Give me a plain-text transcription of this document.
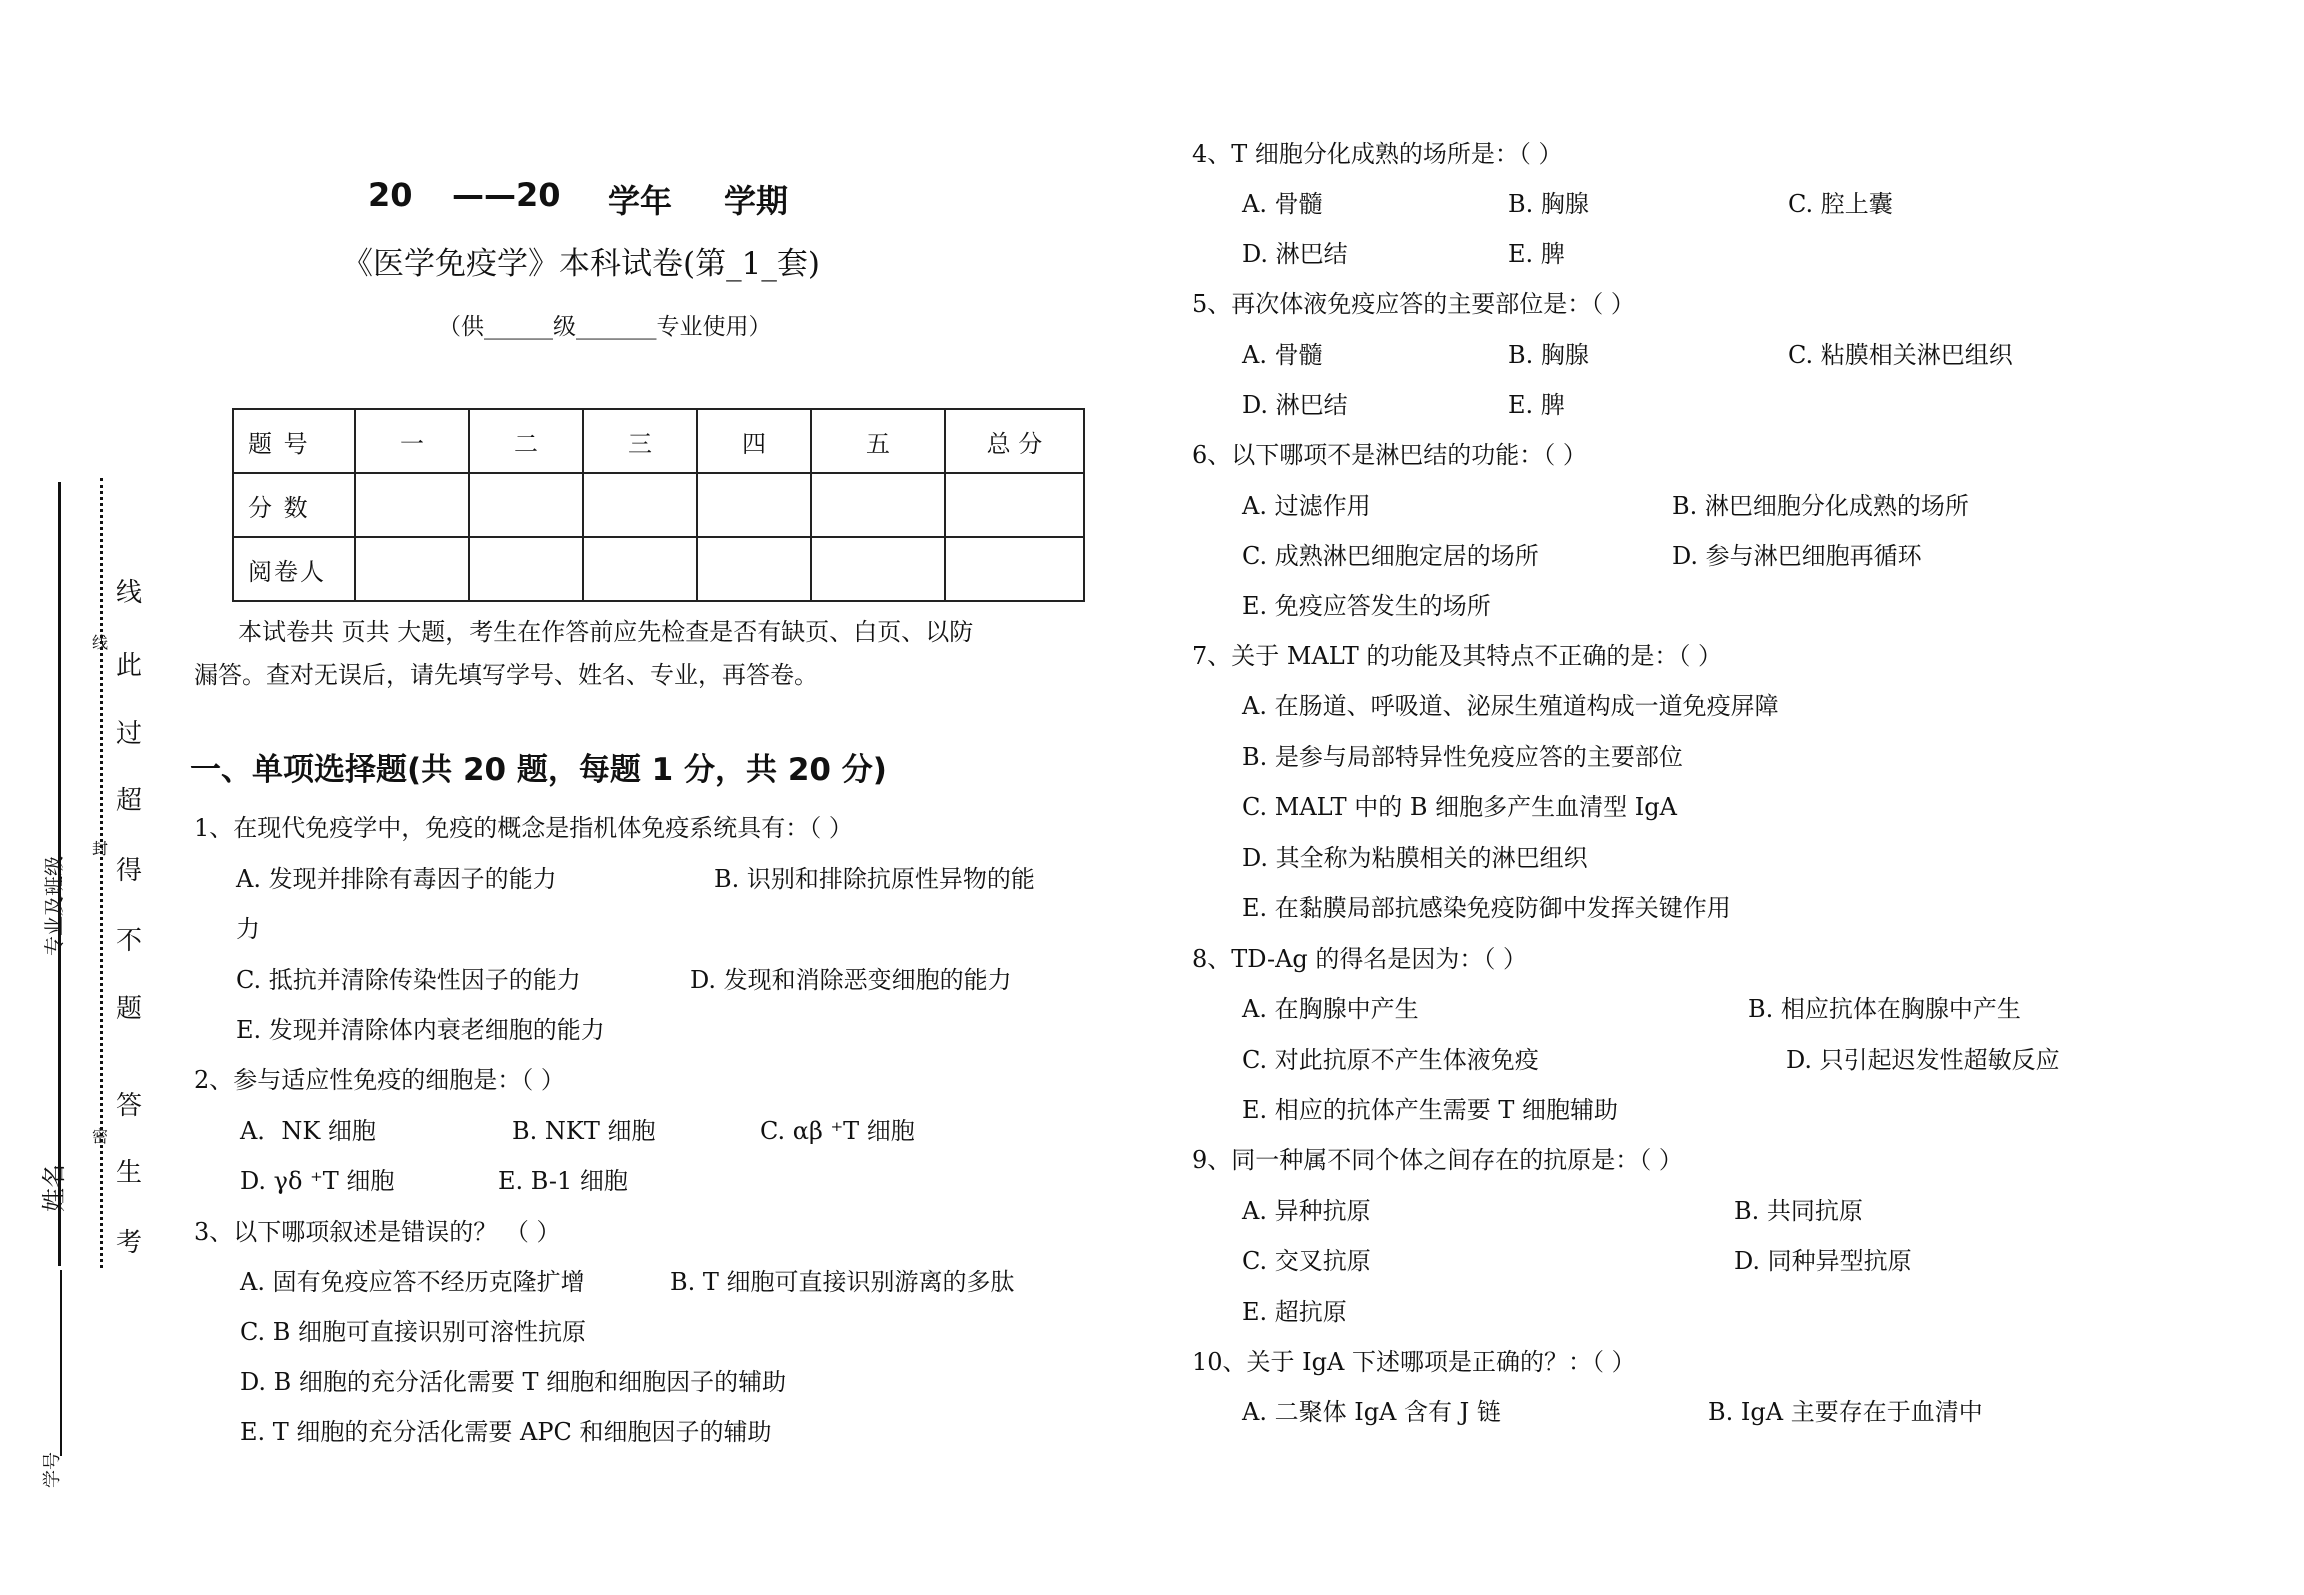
20 ——20 学年 学期
《医学免疫学》本科试卷(第_1_套)
（供______级_______专业使用）
题 号	一	二	三	四	五	总 分
分 数						
阅卷人						
本试卷共 页共 大题，考生在作答前应先检查是否有缺页、白页、以防
漏答。查对无误后，请先填写学号、姓名、专业，再答卷。
一、单项选择题(共 20 题，每题 1 分，共 20 分)
1、在现代免疫学中，免疫的概念是指机体免疫系统具有：（ ）
A. 发现并排除有毒因子的能力	B. 识别和排除抗原性异物的能
力
C. 抵抗并清除传染性因子的能力	D. 发现和消除恶变细胞的能力
E. 发现并清除体内衰老细胞的能力
2、参与适应性免疫的细胞是：（ ）
A．NK 细胞	B. NKT 细胞	C. αβ ⁺T 细胞
D. γδ ⁺T 细胞	E. B-1 细胞
3、以下哪项叙述是错误的？ （ ）
A. 固有免疫应答不经历克隆扩增	B. T 细胞可直接识别游离的多肽
C. B 细胞可直接识别可溶性抗原
D. B 细胞的充分活化需要 T 细胞和细胞因子的辅助
E. T 细胞的充分活化需要 APC 和细胞因子的辅助
4、T 细胞分化成熟的场所是：（ ）
A. 骨髓	B. 胸腺	C. 腔上囊
D. 淋巴结	E. 脾
5、再次体液免疫应答的主要部位是：（ ）
A. 骨髓	B. 胸腺	C. 粘膜相关淋巴组织
D. 淋巴结	E. 脾
6、以下哪项不是淋巴结的功能：（ ）
A. 过滤作用	B. 淋巴细胞分化成熟的场所
C. 成熟淋巴细胞定居的场所	D. 参与淋巴细胞再循环
E. 免疫应答发生的场所
7、关于 MALT 的功能及其特点不正确的是：（ ）
A. 在肠道、呼吸道、泌尿生殖道构成一道免疫屏障
B. 是参与局部特异性免疫应答的主要部位
C. MALT 中的 B 细胞多产生血清型 IgA
D. 其全称为粘膜相关的淋巴组织
E. 在黏膜局部抗感染免疫防御中发挥关键作用
8、TD-Ag 的得名是因为：（ ）
A. 在胸腺中产生	B. 相应抗体在胸腺中产生
C. 对此抗原不产生体液免疫	D. 只引起迟发性超敏反应
E. 相应的抗体产生需要 T 细胞辅助
9、同一种属不同个体之间存在的抗原是：（ ）
A. 异种抗原	B. 共同抗原
C. 交叉抗原	D. 同种异型抗原
E. 超抗原
10、关于 IgA 下述哪项是正确的？：（ ）
A. 二聚体 IgA 含有 J 链	B. IgA 主要存在于血清中
线
此
过
超
得
不
题
答
生
考
线
封
密
专业及班级
姓名
学号
